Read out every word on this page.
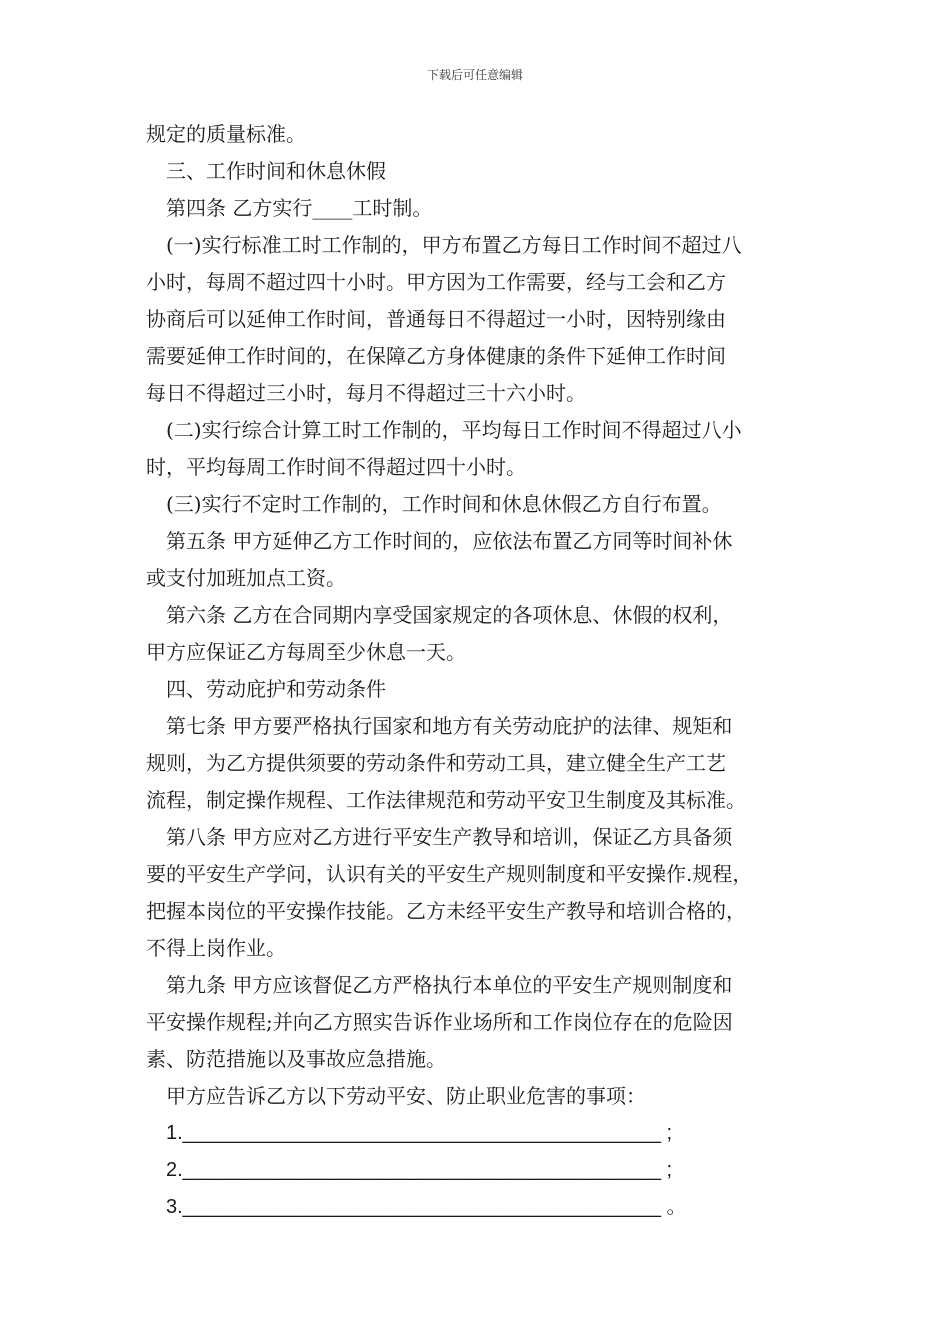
下载后可任意编辑
规定的质量标准。
三、工作时间和休息休假
第四条 乙方实行____工时制。
(一)实行标准工时工作制的，甲方布置乙方每日工作时间不超过八
小时，每周不超过四十小时。甲方因为工作需要，经与工会和乙方
协商后可以延伸工作时间，普通每日不得超过一小时，因特别缘由
需要延伸工作时间的，在保障乙方身体健康的条件下延伸工作时间
每日不得超过三小时，每月不得超过三十六小时。
(二)实行综合计算工时工作制的，平均每日工作时间不得超过八小
时，平均每周工作时间不得超过四十小时。
(三)实行不定时工作制的，工作时间和休息休假乙方自行布置。
第五条 甲方延伸乙方工作时间的，应依法布置乙方同等时间补休
或支付加班加点工资。
第六条 乙方在合同期内享受国家规定的各项休息、休假的权利，
甲方应保证乙方每周至少休息一天。
四、劳动庇护和劳动条件
第七条 甲方要严格执行国家和地方有关劳动庇护的法律、规矩和
规则，为乙方提供须要的劳动条件和劳动工具，建立健全生产工艺
流程，制定操作规程、工作法律规范和劳动平安卫生制度及其标准。
第八条 甲方应对乙方进行平安生产教导和培训，保证乙方具备须
要的平安生产学问，认识有关的平安生产规则制度和平安操作.规程，
把握本岗位的平安操作技能。乙方未经平安生产教导和培训合格的，
不得上岗作业。
第九条 甲方应该督促乙方严格执行本单位的平安生产规则制度和
平安操作规程;并向乙方照实告诉作业场所和工作岗位存在的危险因
素、防范措施以及事故应急措施。
甲方应告诉乙方以下劳动平安、防止职业危害的事项：
1.___________________________________________ ;
2.___________________________________________ ;
3.___________________________________________ 。
